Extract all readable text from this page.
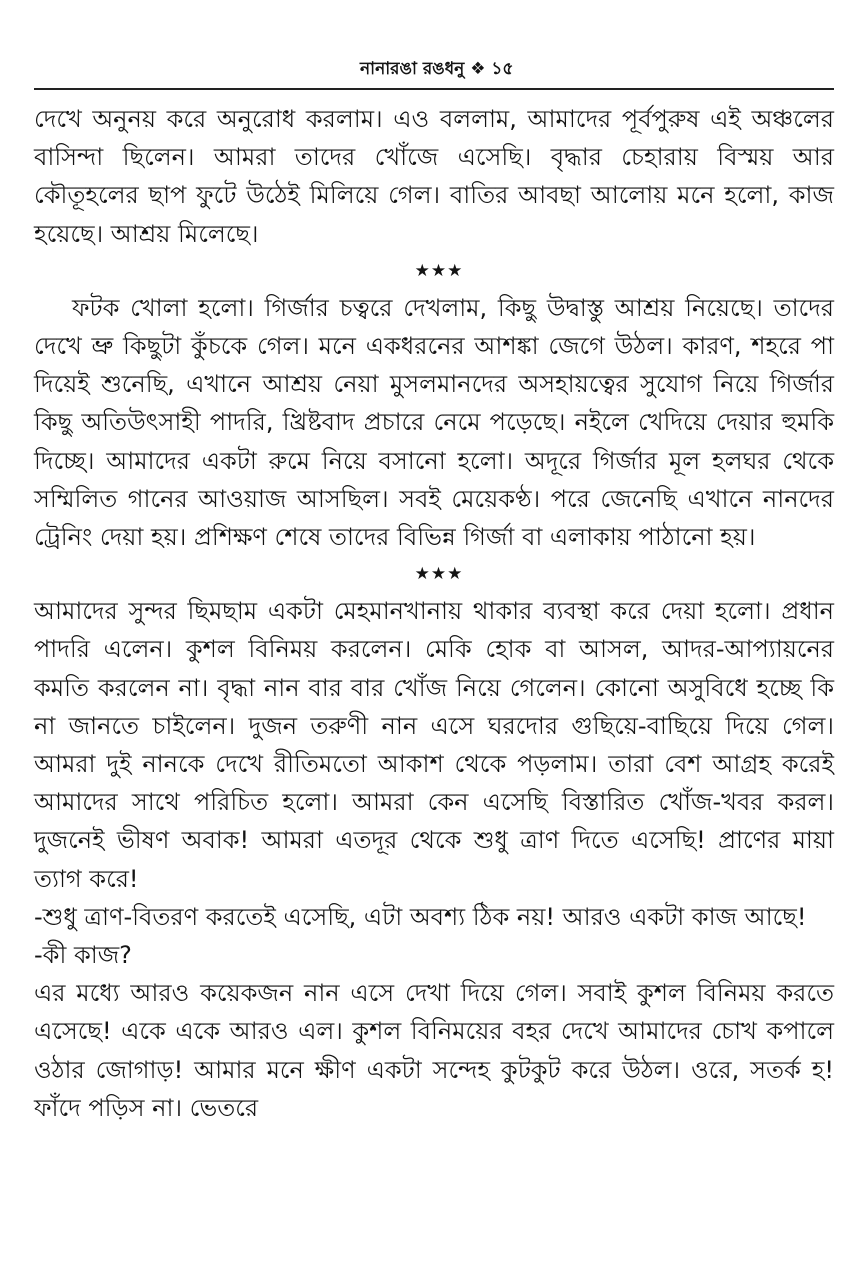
নানারঙা রঙধনু ❖ ১৫
দেখে অনুনয় করে অনুরোধ করলাম। এও বললাম, আমাদের পূর্বপুরুষ এই অঞ্চলের বাসিন্দা ছিলেন। আমরা তাদের খোঁজে এসেছি। বৃদ্ধার চেহারায় বিস্ময় আর কৌতূহলের ছাপ ফুটে উঠেই মিলিয়ে গেল। বাতির আবছা আলোয় মনে হলো, কাজ হয়েছে। আশ্রয় মিলেছে।
★★★
ফটক খোলা হলো। গির্জার চত্বরে দেখলাম, কিছু উদ্বাস্তু আশ্রয় নিয়েছে। তাদের দেখে ভ্রু কিছুটা কুঁচকে গেল। মনে একধরনের আশঙ্কা জেগে উঠল। কারণ, শহরে পা দিয়েই শুনেছি, এখানে আশ্রয় নেয়া মুসলমানদের অসহায়ত্বের সুযোগ নিয়ে গির্জার কিছু অতিউৎসাহী পাদরি, খ্রিষ্টবাদ প্রচারে নেমে পড়েছে। নইলে খেদিয়ে দেয়ার হুমকি দিচ্ছে। আমাদের একটা রুমে নিয়ে বসানো হলো। অদূরে গির্জার মূল হলঘর থেকে সম্মিলিত গানের আওয়াজ আসছিল। সবই মেয়েকণ্ঠ। পরে জেনেছি এখানে নানদের ট্রেনিং দেয়া হয়। প্রশিক্ষণ শেষে তাদের বিভিন্ন গির্জা বা এলাকায় পাঠানো হয়।
★★★
আমাদের সুন্দর ছিমছাম একটা মেহমানখানায় থাকার ব্যবস্থা করে দেয়া হলো। প্রধান পাদরি এলেন। কুশল বিনিময় করলেন। মেকি হোক বা আসল, আদর-আপ্যায়নের কমতি করলেন না। বৃদ্ধা নান বার বার খোঁজ নিয়ে গেলেন। কোনো অসুবিধে হচ্ছে কি না জানতে চাইলেন। দুজন তরুণী নান এসে ঘরদোর গুছিয়ে-বাছিয়ে দিয়ে গেল। আমরা দুই নানকে দেখে রীতিমতো আকাশ থেকে পড়লাম। তারা বেশ আগ্রহ করেই আমাদের সাথে পরিচিত হলো। আমরা কেন এসেছি বিস্তারিত খোঁজ-খবর করল। দুজনেই ভীষণ অবাক! আমরা এতদূর থেকে শুধু ত্রাণ দিতে এসেছি! প্রাণের মায়া ত্যাগ করে!
-শুধু ত্রাণ-বিতরণ করতেই এসেছি, এটা অবশ্য ঠিক নয়! আরও একটা কাজ আছে!
-কী কাজ?
এর মধ্যে আরও কয়েকজন নান এসে দেখা দিয়ে গেল। সবাই কুশল বিনিময় করতে এসেছে! একে একে আরও এল। কুশল বিনিময়ের বহর দেখে আমাদের চোখ কপালে ওঠার জোগাড়! আমার মনে ক্ষীণ একটা সন্দেহ কুটকুট করে উঠল। ওরে, সতর্ক হ! ফাঁদে পড়িস না। ভেতরে
